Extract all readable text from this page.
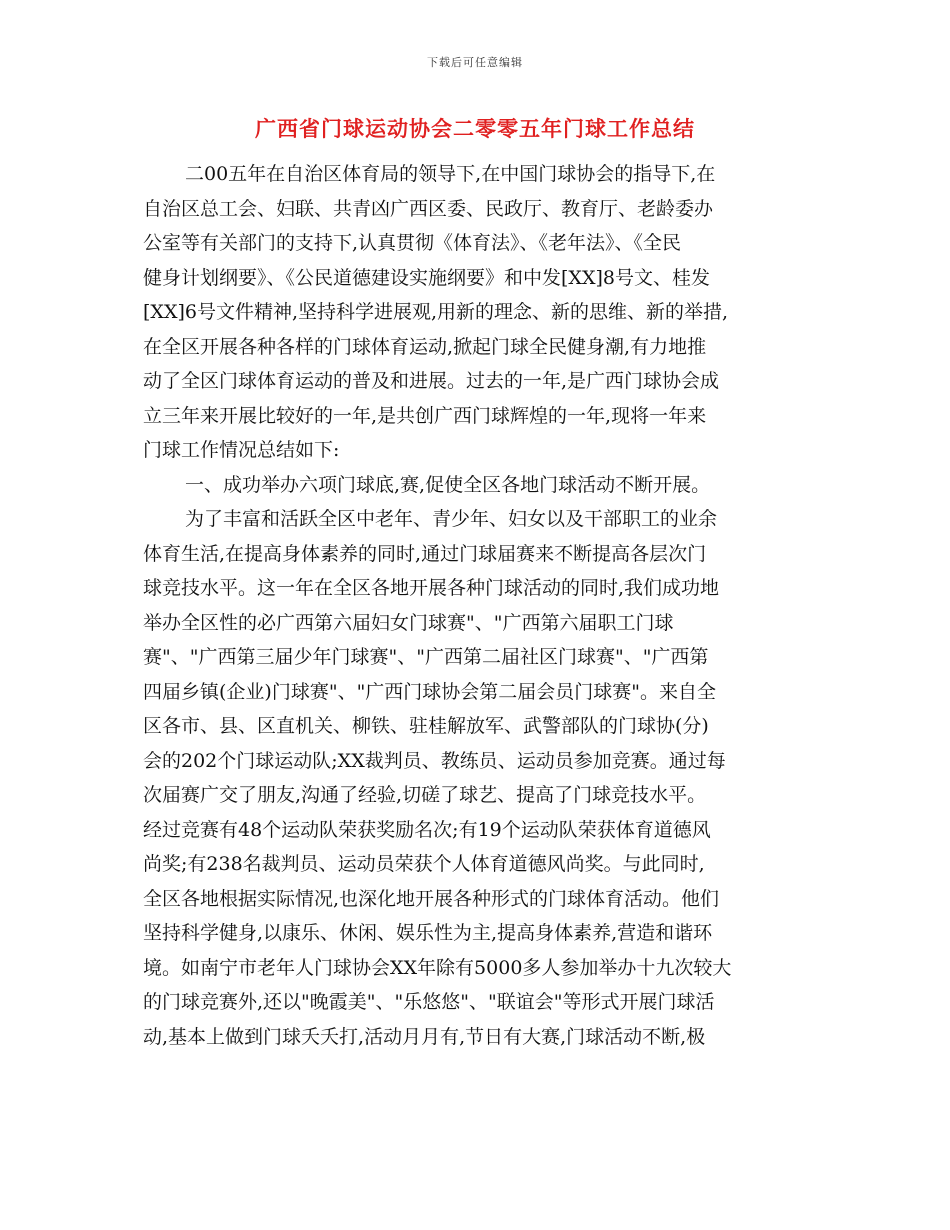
下载后可任意编辑
广西省门球运动协会二零零五年门球工作总结
二00五年在自治区体育局的领导下,在中国门球协会的指导下,在
自治区总工会、妇联、共青凶广西区委、民政厅、教育厅、老龄委办
公室等有关部门的支持下,认真贯彻《体育法》、《老年法》、《全民
健身计划纲要》、《公民道德建设实施纲要》和中发[XX]8号文、桂发
[XX]6号文件精神,坚持科学进展观,用新的理念、新的思维、新的举措,
在全区开展各种各样的门球体育运动,掀起门球全民健身潮,有力地推
动了全区门球体育运动的普及和进展。过去的一年,是广西门球协会成
立三年来开展比较好的一年,是共创广西门球辉煌的一年,现将一年来
门球工作情况总结如下:
一、成功举办六项门球底,赛,促使全区各地门球活动不断开展。
为了丰富和活跃全区中老年、青少年、妇女以及干部职工的业余
体育生活,在提高身体素养的同时,通过门球届赛来不断提高各层次门
球竞技水平。这一年在全区各地开展各种门球活动的同时,我们成功地
举办全区性的必广西第六届妇女门球赛"、"广西第六届职工门球
赛"、"广西第三届少年门球赛"、"广西第二届社区门球赛"、"广西第
四届乡镇(企业)门球赛"、"广西门球协会第二届会员门球赛"。来自全
区各市、县、区直机关、柳铁、驻桂解放军、武警部队的门球协(分)
会的202个门球运动队;XX裁判员、教练员、运动员参加竞赛。通过每
次届赛广交了朋友,沟通了经验,切磋了球艺、提高了门球竞技水平。
经过竞赛有48个运动队荣获奖励名次;有19个运动队荣获体育道德风
尚奖;有238名裁判员、运动员荣获个人体育道德风尚奖。与此同时,
全区各地根据实际情况,也深化地开展各种形式的门球体育活动。他们
坚持科学健身,以康乐、休闲、娱乐性为主,提高身体素养,营造和谐环
境。如南宁市老年人门球协会XX年除有5000多人参加举办十九次较大
的门球竞赛外,还以"晚霞美"、"乐悠悠"、"联谊会"等形式开展门球活
动,基本上做到门球夭夭打,活动月月有,节日有大赛,门球活动不断,极
